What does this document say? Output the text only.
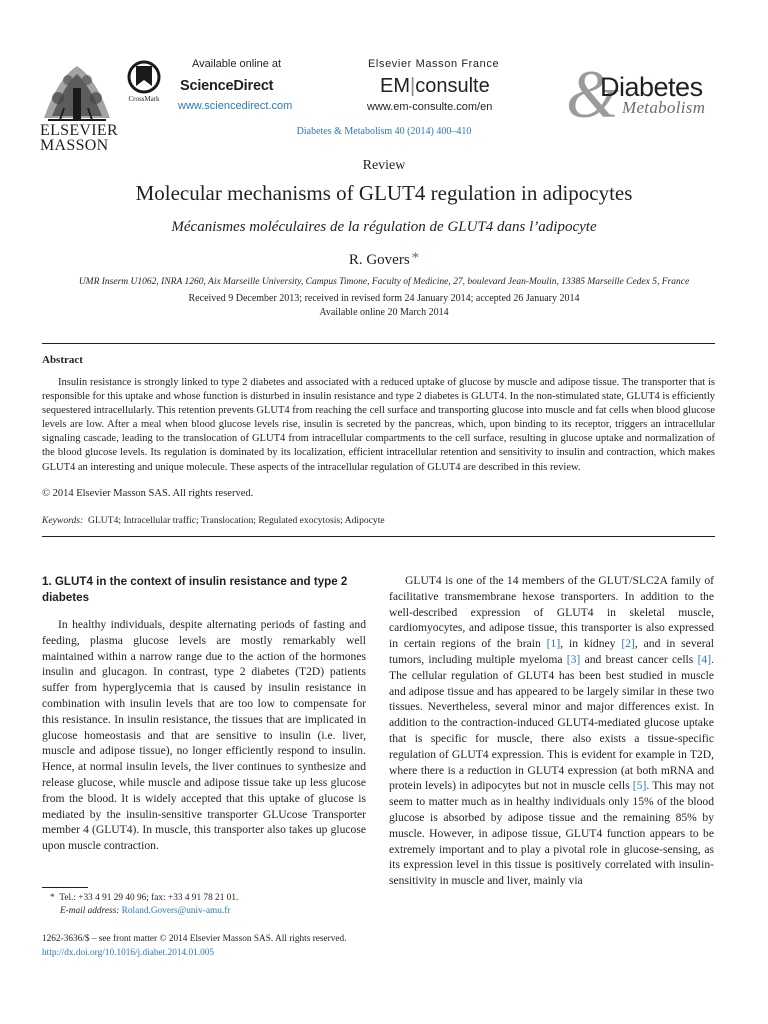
ELSEVIER
MASSON
CrossMark
Available online at
ScienceDirect
www.sciencedirect.com
Elsevier Masson France
EM|consulte
www.em-consulte.com/en
Diabetes & Metabolism 40 (2014) 400–410	&
Diabetes
Metabolism
Review
Molecular mechanisms of GLUT4 regulation in adipocytes
Mécanismes moléculaires de la régulation de GLUT4 dans l’adipocyte
R. Govers *
UMR Inserm U1062, INRA 1260, Aix Marseille University, Campus Timone, Faculty of Medicine, 27, boulevard Jean-Moulin, 13385 Marseille Cedex 5, France
Received 9 December 2013; received in revised form 24 January 2014; accepted 26 January 2014
Available online 20 March 2014
Abstract
Insulin resistance is strongly linked to type 2 diabetes and associated with a reduced uptake of glucose by muscle and adipose tissue. The transporter that is responsible for this uptake and whose function is disturbed in insulin resistance and type 2 diabetes is GLUT4. In the non-stimulated state, GLUT4 is efficiently sequestered intracellularly. This retention prevents GLUT4 from reaching the cell surface and transporting glucose into muscle and fat cells when blood glucose levels are low. After a meal when blood glucose levels rise, insulin is secreted by the pancreas, which, upon binding to its receptor, triggers an intracellular signaling cascade, leading to the translocation of GLUT4 from intracellular compartments to the cell surface, resulting in glucose uptake and normalization of the blood glucose levels. Its regulation is dominated by its localization, efficient intracellular retention and sensitivity to insulin and contraction, which makes GLUT4 an interesting and unique molecule. These aspects of the intracellular regulation of GLUT4 are described in this review.
© 2014 Elsevier Masson SAS. All rights reserved.
Keywords: GLUT4; Intracellular traffic; Translocation; Regulated exocytosis; Adipocyte
1. GLUT4 in the context of insulin resistance and type 2 diabetes
In healthy individuals, despite alternating periods of fasting and feeding, plasma glucose levels are mostly remarkably well maintained within a narrow range due to the action of the hormones insulin and glucagon. In contrast, type 2 diabetes (T2D) patients suffer from hyperglycemia that is caused by insulin resistance in combination with insulin levels that are too low to compensate for this resistance. In insulin resistance, the tissues that are implicated in glucose homeostasis and that are sensitive to insulin (i.e. liver, muscle and adipose tissue), no longer efficiently respond to insulin. Hence, at normal insulin levels, the liver continues to synthesize and release glucose, while muscle and adipose tissue take up less glucose from the blood. It is widely accepted that this uptake of glucose is mediated by the insulin-sensitive transporter GLUcose Transporter member 4 (GLUT4). In muscle, this transporter also takes up glucose upon muscle contraction.
GLUT4 is one of the 14 members of the GLUT/SLC2A family of facilitative transmembrane hexose transporters. In addition to the well-described expression of GLUT4 in skeletal muscle, cardiomyocytes, and adipose tissue, this transporter is also expressed in certain regions of the brain [1], in kidney [2], and in several tumors, including multiple myeloma [3] and breast cancer cells [4]. The cellular regulation of GLUT4 has been best studied in muscle and adipose tissue and has appeared to be largely similar in these two tissues. Nevertheless, several minor and major differences exist. In addition to the contraction-induced GLUT4-mediated glucose uptake that is specific for muscle, there also exists a tissue-specific regulation of GLUT4 expression. This is evident for example in T2D, where there is a reduction in GLUT4 expression (at both mRNA and protein levels) in adipocytes but not in muscle cells [5]. This may not seem to matter much as in healthy individuals only 15% of the blood glucose is absorbed by adipose tissue and the remaining 85% by muscle. However, in adipose tissue, GLUT4 function appears to be extremely important and to play a pivotal role in glucose-sensing, as its expression level in this tissue is positively correlated with insulin-sensitivity in muscle and liver, mainly via
* Tel.: +33 4 91 29 40 96; fax: +33 4 91 78 21 01.
E-mail address: Roland.Govers@univ-amu.fr
1262-3636/$ – see front matter © 2014 Elsevier Masson SAS. All rights reserved.
http://dx.doi.org/10.1016/j.diabet.2014.01.005
